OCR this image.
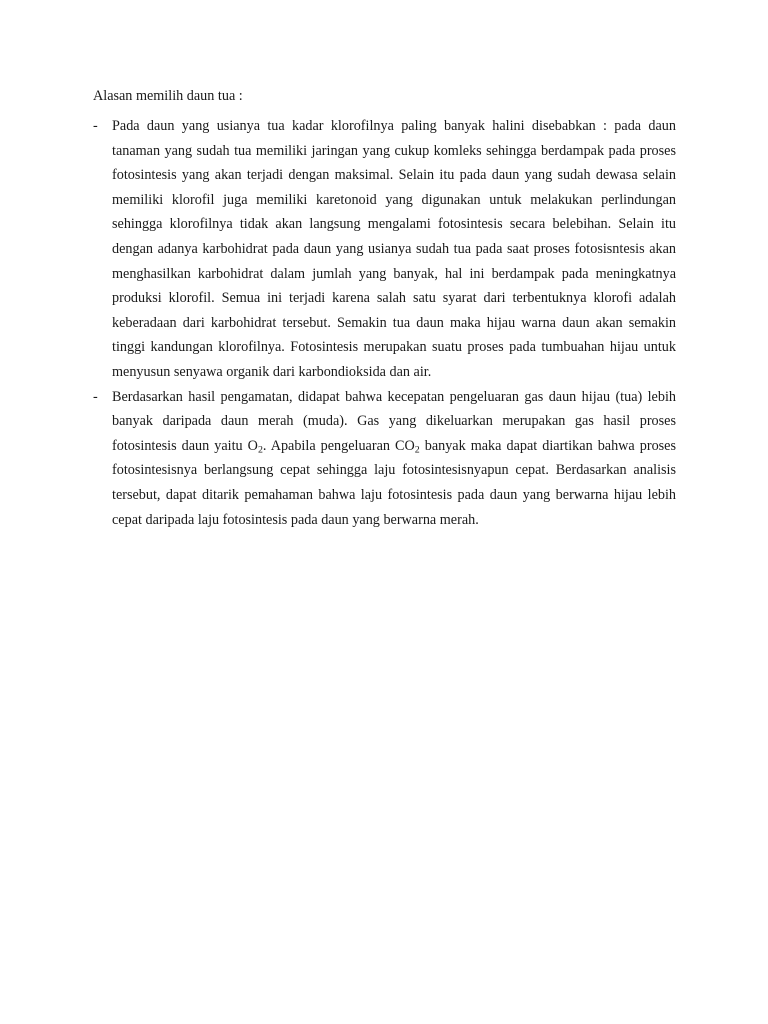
Alasan memilih daun tua :
- Pada daun yang usianya tua kadar klorofilnya paling banyak halini disebabkan : pada daun tanaman yang sudah tua memiliki jaringan yang cukup komleks sehingga berdampak pada proses fotosintesis yang akan terjadi dengan maksimal. Selain itu pada daun yang sudah dewasa selain memiliki klorofil juga memiliki karetonoid yang digunakan untuk melakukan perlindungan sehingga klorofilnya tidak akan langsung mengalami fotosintesis secara belebihan. Selain itu dengan adanya karbohidrat pada daun yang usianya sudah tua pada saat proses fotosisntesis akan menghasilkan karbohidrat dalam jumlah yang banyak, hal ini berdampak pada meningkatnya produksi klorofil. Semua ini terjadi karena salah satu syarat dari terbentuknya klorofi adalah keberadaan dari karbohidrat tersebut. Semakin tua daun maka hijau warna daun akan semakin tinggi kandungan klorofilnya. Fotosintesis merupakan suatu proses pada tumbuahan hijau untuk menyusun senyawa organik dari karbondioksida dan air.
- Berdasarkan hasil pengamatan, didapat bahwa kecepatan pengeluaran gas daun hijau (tua) lebih banyak daripada daun merah (muda). Gas yang dikeluarkan merupakan gas hasil proses fotosintesis daun yaitu $O_2$. Apabila pengeluaran $CO_2$ banyak maka dapat diartikan bahwa proses fotosintesisnya berlangsung cepat sehingga laju fotosintesisnyapun cepat. Berdasarkan analisis tersebut, dapat ditarik pemahaman bahwa laju fotosintesis pada daun yang berwarna hijau lebih cepat daripada laju fotosintesis pada daun yang berwarna merah.
